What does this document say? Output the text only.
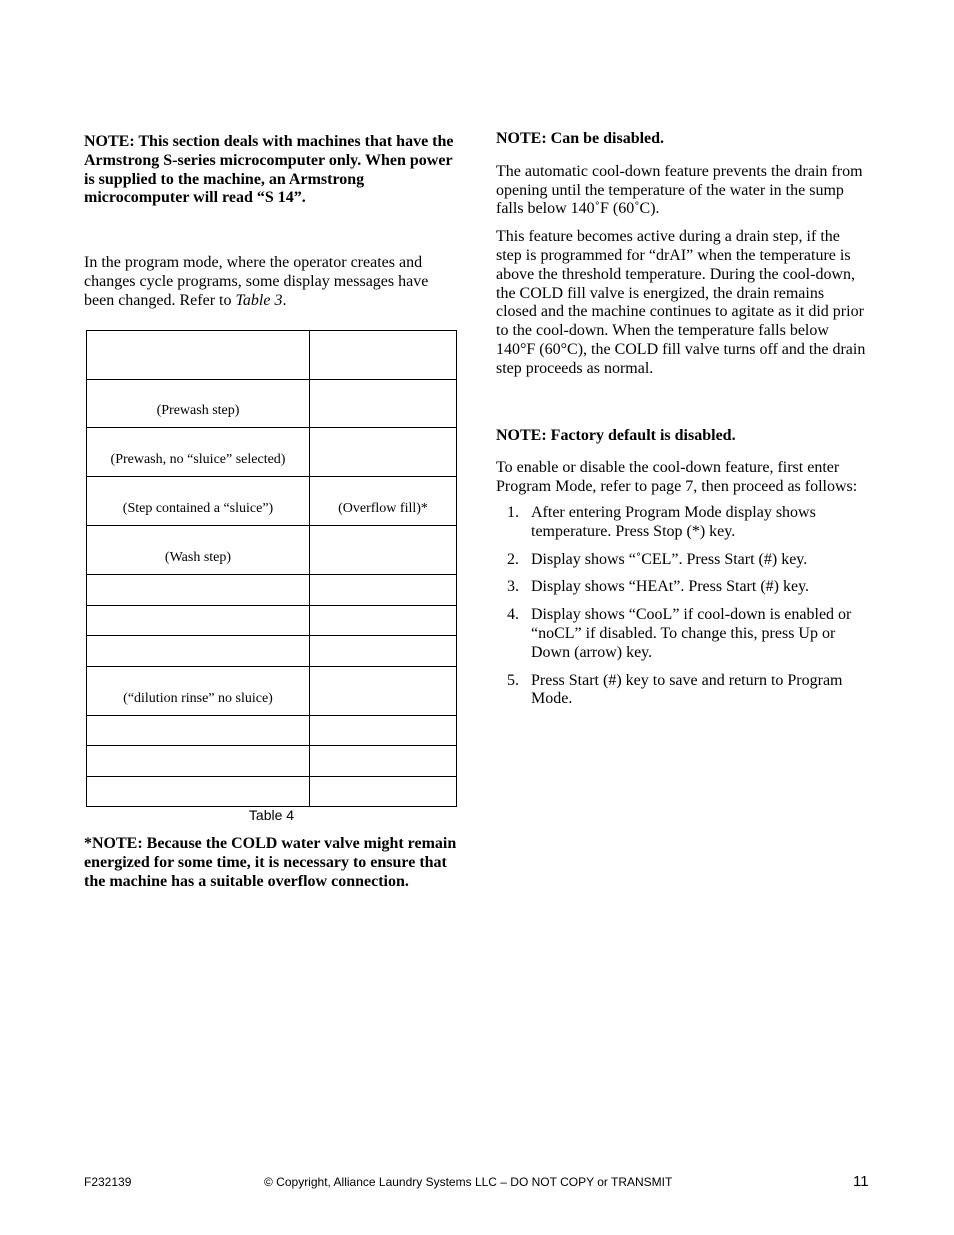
NOTE: This section deals with machines that have the Armstrong S-series microcomputer only. When power is supplied to the machine, an Armstrong microcomputer will read “S 14”.

In the program mode, where the operator creates and changes cycle programs, some display messages have been changed. Refer to Table 3.

(Prewash step)	
(Prewash, no “sluice” selected)	
(Step contained a “sluice”)	(Overflow fill)*
(Wash step)	

(“dilution rinse” no sluice)	

Table 4
*NOTE: Because the COLD water valve might remain energized for some time, it is necessary to ensure that the machine has a suitable overflow connection.

NOTE: Can be disabled.

The automatic cool-down feature prevents the drain from opening until the temperature of the water in the sump falls below 140˚F (60˚C).

This feature becomes active during a drain step, if the step is programmed for “drAI” when the temperature is above the threshold temperature. During the cool-down, the COLD fill valve is energized, the drain remains closed and the machine continues to agitate as it did prior to the cool-down. When the temperature falls below 140°F (60°C), the COLD fill valve turns off and the drain step proceeds as normal.

NOTE: Factory default is disabled.

To enable or disable the cool-down feature, first enter Program Mode, refer to page 7, then proceed as follows:

1. After entering Program Mode display shows temperature. Press Stop (*) key.
2. Display shows “˚CEL”. Press Start (#) key.
3. Display shows “HEAt”. Press Start (#) key.
4. Display shows “CooL” if cool-down is enabled or “noCL” if disabled. To change this, press Up or Down (arrow) key.
5. Press Start (#) key to save and return to Program Mode.
F232139	© Copyright, Alliance Laundry Systems LLC – DO NOT COPY or TRANSMIT	11
